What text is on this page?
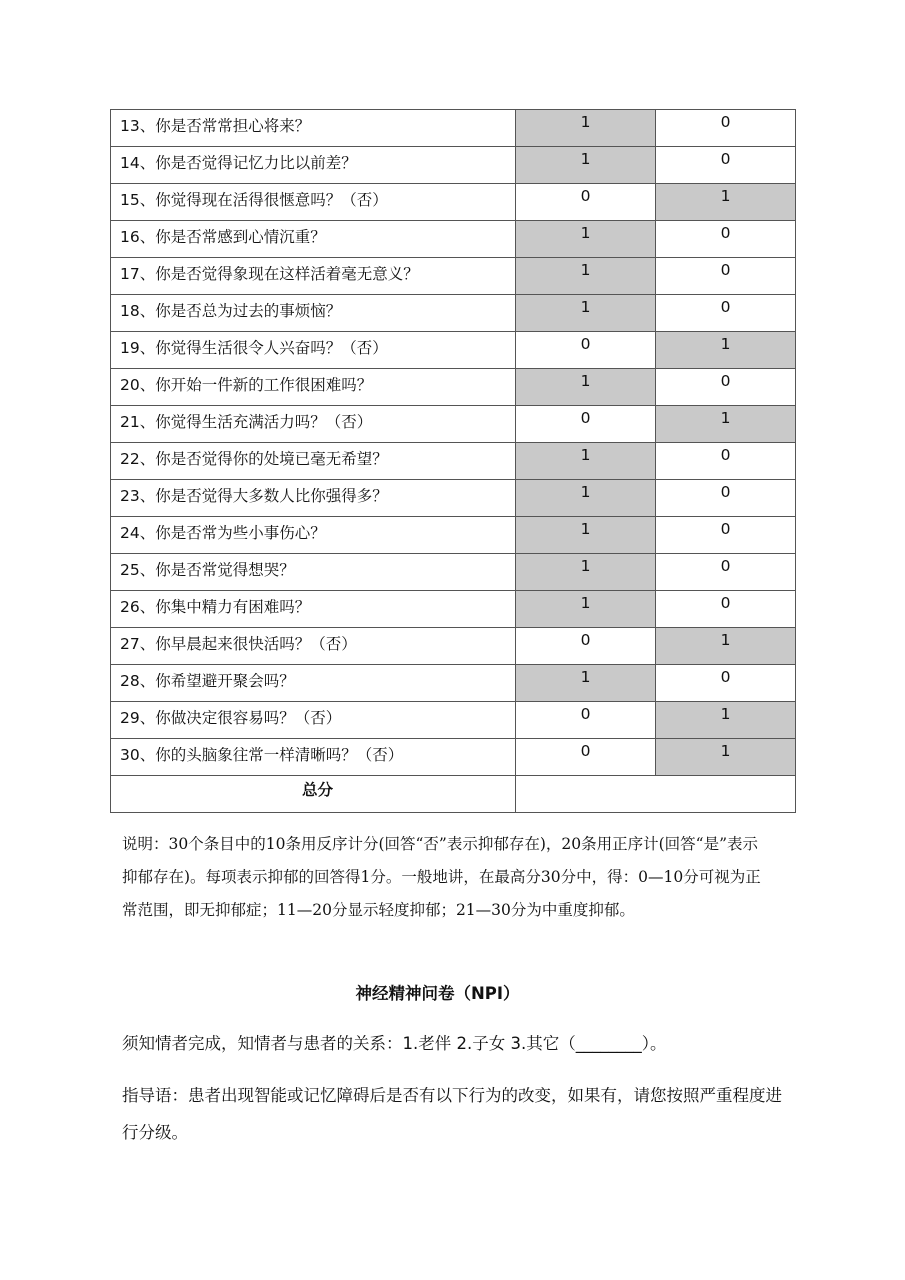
13、你是否常常担心将来？	1	0
14、你是否觉得记忆力比以前差？	1	0
15、你觉得现在活得很惬意吗？（否）	0	1
16、你是否常感到心情沉重？	1	0
17、你是否觉得象现在这样活着毫无意义？	1	0
18、你是否总为过去的事烦恼？	1	0
19、你觉得生活很令人兴奋吗？（否）	0	1
20、你开始一件新的工作很困难吗？	1	0
21、你觉得生活充满活力吗？（否）	0	1
22、你是否觉得你的处境已毫无希望？	1	0
23、你是否觉得大多数人比你强得多？	1	0
24、你是否常为些小事伤心？	1	0
25、你是否常觉得想哭？	1	0
26、你集中精力有困难吗？	1	0
27、你早晨起来很快活吗？（否）	0	1
28、你希望避开聚会吗？	1	0
29、你做决定很容易吗？（否）	0	1
30、你的头脑象往常一样清晰吗？（否）	0	1
总分		
说明：30个条目中的10条用反序计分(回答“否”表示抑郁存在)，20条用正序计(回答“是”表示抑郁存在)。每项表示抑郁的回答得1分。一般地讲，在最高分30分中，得：0—10分可视为正常范围，即无抑郁症；11—20分显示轻度抑郁；21—30分为中重度抑郁。
神经精神问卷（NPI）
须知情者完成，知情者与患者的关系：1.老伴 2.子女 3.其它（________）。
指导语：患者出现智能或记忆障碍后是否有以下行为的改变，如果有，请您按照严重程度进行分级。
